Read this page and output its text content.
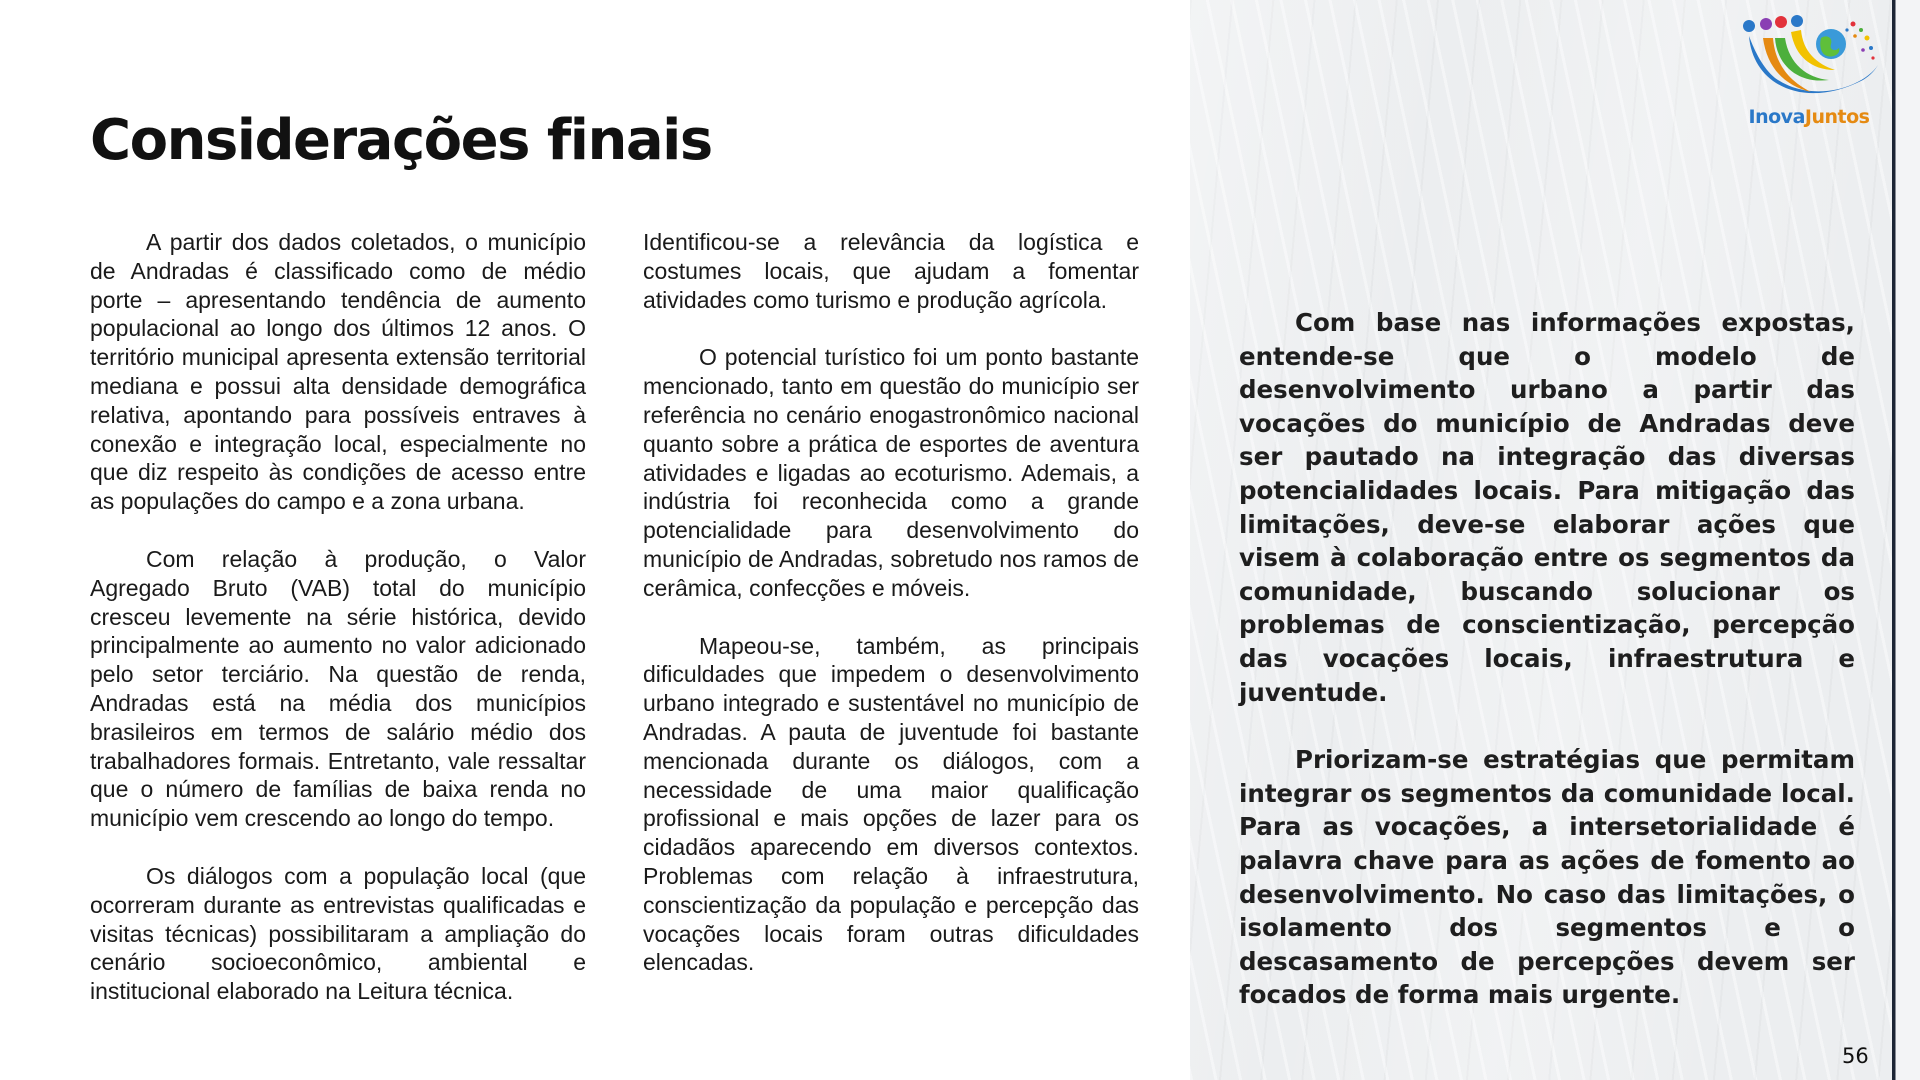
Considerações finais

A partir dos dados coletados, o município de Andradas é classificado como de médio porte – apresentando tendência de aumento populacional ao longo dos últimos 12 anos. O território municipal apresenta extensão territorial mediana e possui alta densidade demográfica relativa, apontando para possíveis entraves à conexão e integração local, especialmente no que diz respeito às condições de acesso entre as populações do campo e a zona urbana.

Com relação à produção, o Valor Agregado Bruto (VAB) total do município cresceu levemente na série histórica, devido principalmente ao aumento no valor adicionado pelo setor terciário. Na questão de renda, Andradas está na média dos municípios brasileiros em termos de salário médio dos trabalhadores formais. Entretanto, vale ressaltar que o número de famílias de baixa renda no município vem crescendo ao longo do tempo.

Os diálogos com a população local (que ocorreram durante as entrevistas qualificadas e visitas técnicas) possibilitaram a ampliação do cenário socioeconômico, ambiental e institucional elaborado na Leitura técnica.

Identificou-se a relevância da logística e costumes locais, que ajudam a fomentar atividades como turismo e produção agrícola.

O potencial turístico foi um ponto bastante mencionado, tanto em questão do município ser referência no cenário enogastronômico nacional quanto sobre a prática de esportes de aventura atividades e ligadas ao ecoturismo. Ademais, a indústria foi reconhecida como a grande potencialidade para desenvolvimento do município de Andradas, sobretudo nos ramos de cerâmica, confecções e móveis.

Mapeou-se, também, as principais dificuldades que impedem o desenvolvimento urbano integrado e sustentável no município de Andradas. A pauta de juventude foi bastante mencionada durante os diálogos, com a necessidade de uma maior qualificação profissional e mais opções de lazer para os cidadãos aparecendo em diversos contextos. Problemas com relação à infraestrutura, conscientização da população e percepção das vocações locais foram outras dificuldades elencadas.

Com base nas informações expostas, entende-se que o modelo de desenvolvimento urbano a partir das vocações do município de Andradas deve ser pautado na integração das diversas potencialidades locais. Para mitigação das limitações, deve-se elaborar ações que visem à colaboração entre os segmentos da comunidade, buscando solucionar os problemas de conscientização, percepção das vocações locais, infraestrutura e juventude.

Priorizam-se estratégias que permitam integrar os segmentos da comunidade local. Para as vocações, a intersetorialidade é palavra chave para as ações de fomento ao desenvolvimento. No caso das limitações, o isolamento dos segmentos e o descasamento de percepções devem ser focados de forma mais urgente.

InovaJuntos
56
